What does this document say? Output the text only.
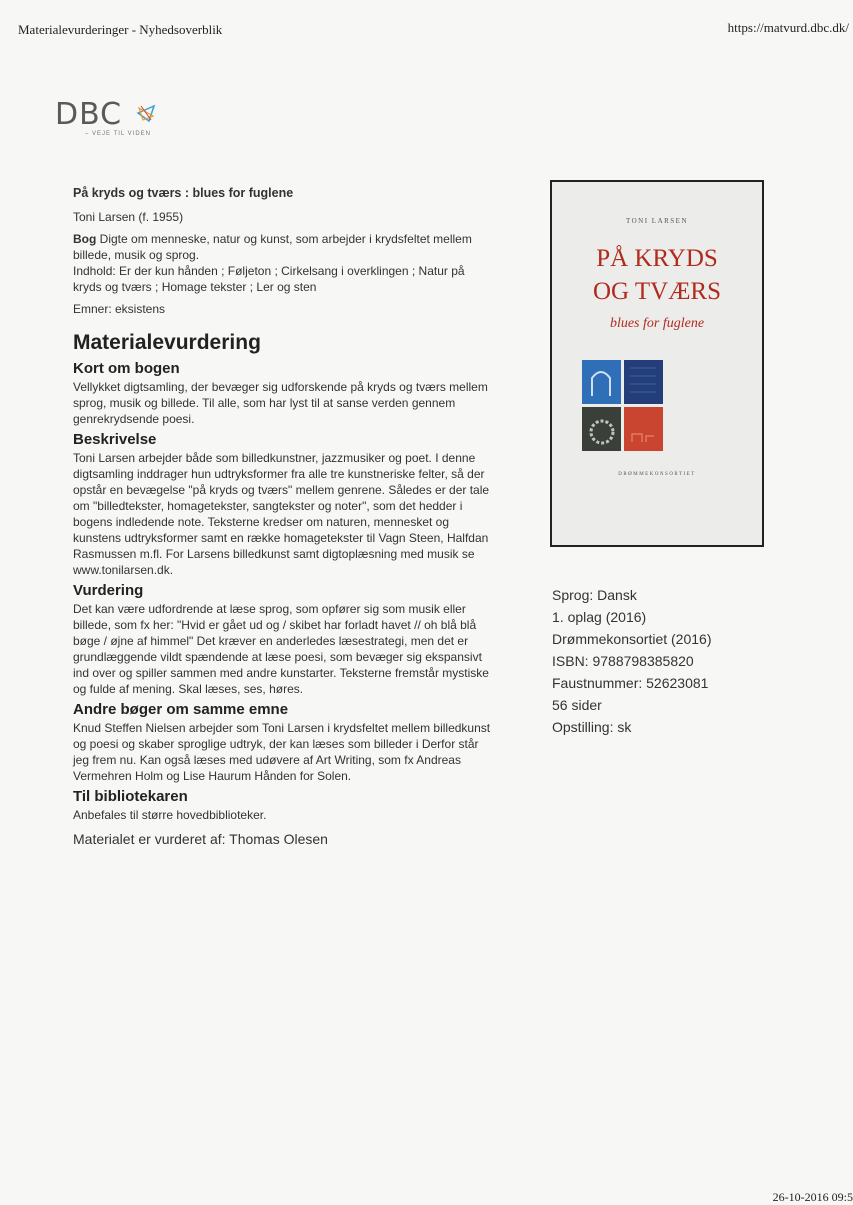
Materialevurderinger - Nyhedsoverblik	https://matvurd.dbc.dk/
DBC
– VEJE TIL VIDEN
På kryds og tværs : blues for fuglene
Toni Larsen (f. 1955)
Bog Digte om menneske, natur og kunst, som arbejder i krydsfeltet mellem billede, musik og sprog.
Indhold: Er der kun hånden ; Føljeton ; Cirkelsang i overklingen ; Natur på kryds og tværs ; Homage tekster ; Ler og sten
Emner: eksistens
Materialevurdering
Kort om bogen
Vellykket digtsamling, der bevæger sig udforskende på kryds og tværs mellem sprog, musik og billede. Til alle, som har lyst til at sanse verden gennem genrekrydsende poesi.
Beskrivelse
Toni Larsen arbejder både som billedkunstner, jazzmusiker og poet. I denne digtsamling inddrager hun udtryksformer fra alle tre kunstneriske felter, så der opstår en bevægelse "på kryds og tværs" mellem genrene. Således er der tale om "billedtekster, homagetekster, sangtekster og noter", som det hedder i bogens indledende note. Teksterne kredser om naturen, mennesket og kunstens udtryksformer samt en række homagetekster til Vagn Steen, Halfdan Rasmussen m.fl. For Larsens billedkunst samt digtoplæsning med musik se www.tonilarsen.dk.
Vurdering
Det kan være udfordrende at læse sprog, som opfører sig som musik eller billede, som fx her: "Hvid er gået ud og / skibet har forladt havet // oh blå blå bøge / øjne af himmel" Det kræver en anderledes læsestrategi, men det er grundlæggende vildt spændende at læse poesi, som bevæger sig ekspansivt ind over og spiller sammen med andre kunstarter. Teksterne fremstår mystiske og fulde af mening. Skal læses, ses, høres.
Andre bøger om samme emne
Knud Steffen Nielsen arbejder som Toni Larsen i krydsfeltet mellem billedkunst og poesi og skaber sproglige udtryk, der kan læses som billeder i Derfor står jeg frem nu. Kan også læses med udøvere af Art Writing, som fx Andreas Vermehren Holm og Lise Haurum Hånden for Solen.
Til bibliotekaren
Anbefales til større hovedbiblioteker.
Materialet er vurderet af: Thomas Olesen
TONI LARSEN
PÅ KRYDS
OG TVÆRS
blues for fuglene
DRØMMEKONSORTIET
Sprog: Dansk
1. oplag (2016)
Drømmekonsortiet (2016)
ISBN: 9788798385820
Faustnummer: 52623081
56 sider
Opstilling: sk
26-10-2016 09:5
